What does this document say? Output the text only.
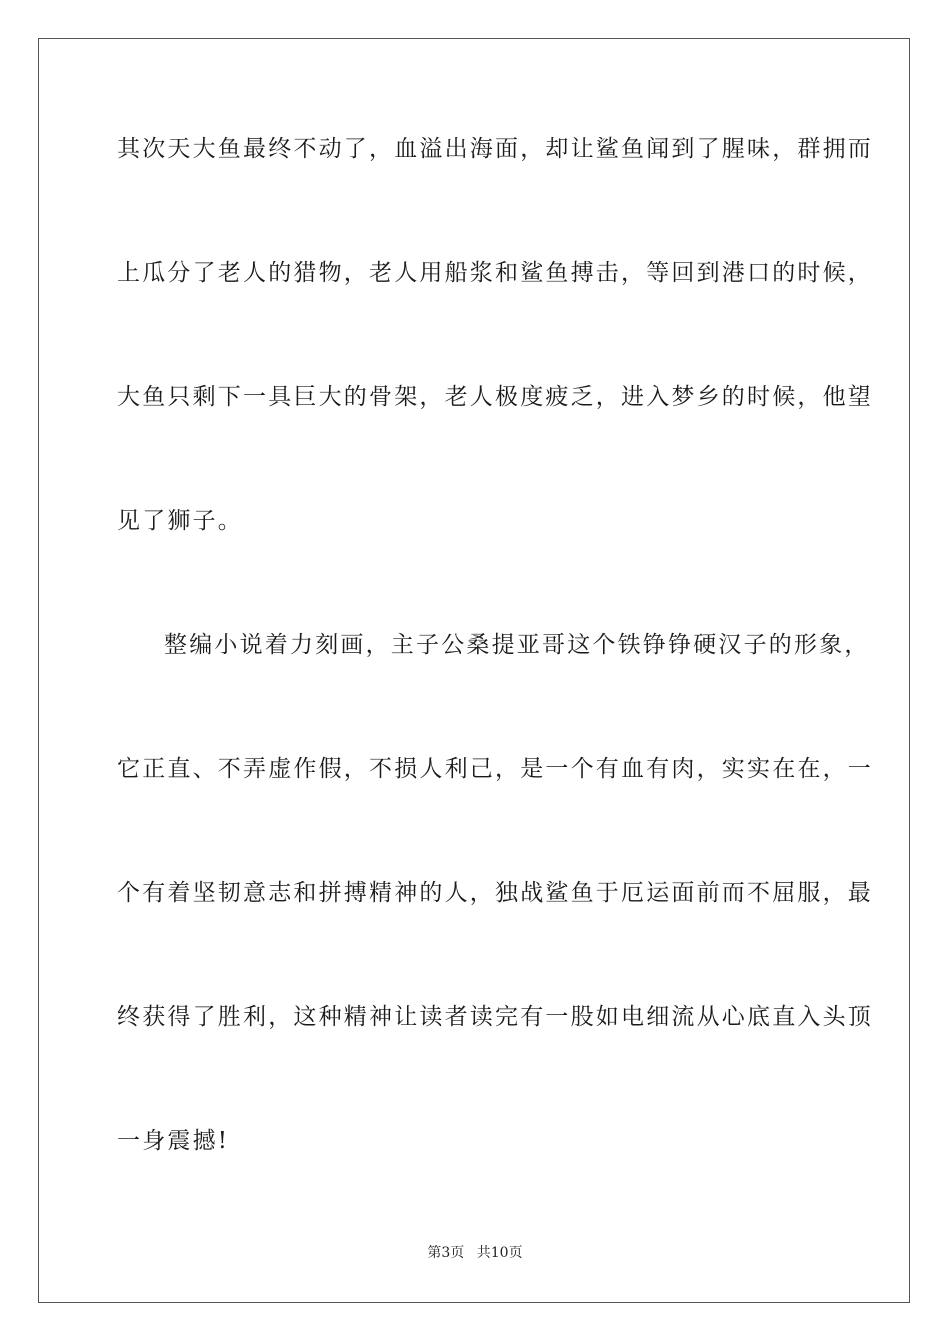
其次天大鱼最终不动了，血溢出海面，却让鲨鱼闻到了腥味，群拥而
上瓜分了老人的猎物，老人用船浆和鲨鱼搏击，等回到港口的时候，
大鱼只剩下一具巨大的骨架，老人极度疲乏，进入梦乡的时候，他望
见了狮子。
整编小说着力刻画，主子公桑提亚哥这个铁铮铮硬汉子的形象，
它正直、不弄虚作假，不损人利己，是一个有血有肉，实实在在，一
个有着坚韧意志和拼搏精神的人，独战鲨鱼于厄运面前而不屈服，最
终获得了胜利，这种精神让读者读完有一股如电细流从心底直入头顶
一身震撼!
第3页 共10页
